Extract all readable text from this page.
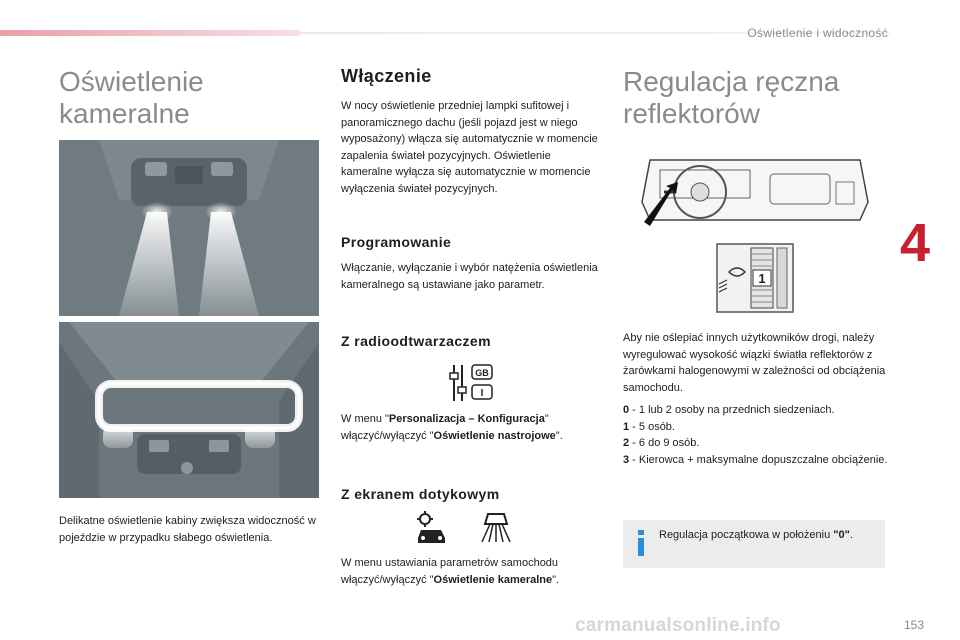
Oświetlenie i widoczność
4
Oświetlenie kameralne

Delikatne oświetlenie kabiny zwiększa widoczność w pojeździe w przypadku słabego oświetlenia.

Włączenie

W nocy oświetlenie przedniej lampki sufitowej i panoramicznego dachu (jeśli pojazd jest w niego wyposażony) włącza się automatycznie w momencie zapalenia świateł pozycyjnych. Oświetlenie kameralne wyłącza się automatycznie w momencie wyłączenia świateł pozycyjnych.

Programowanie

Włączanie, wyłączanie i wybór natężenia oświetlenia kameralnego są ustawiane jako parametr.

Z radioodtwarzaczem
GB
I

W menu "Personalizacja – Konfiguracja" włączyć/wyłączyć "Oświetlenie nastrojowe".

Z ekranem dotykowym

W menu ustawiania parametrów samochodu włączyć/wyłączyć "Oświetlenie kameralne".

Regulacja ręczna reflektorów
1

Aby nie oślepiać innych użytkowników drogi, należy wyregulować wysokość wiązki światła reflektorów z żarówkami halogenowymi w zależności od obciążenia samochodu.

0 - 1 lub 2 osoby na przednich siedzeniach.

1 - 5 osób.

2 - 6 do 9 osób.

3 - Kierowca + maksymalne dopuszczalne obciążenie.

Regulacja początkowa w położeniu "0".

carmanualsonline.info	153
